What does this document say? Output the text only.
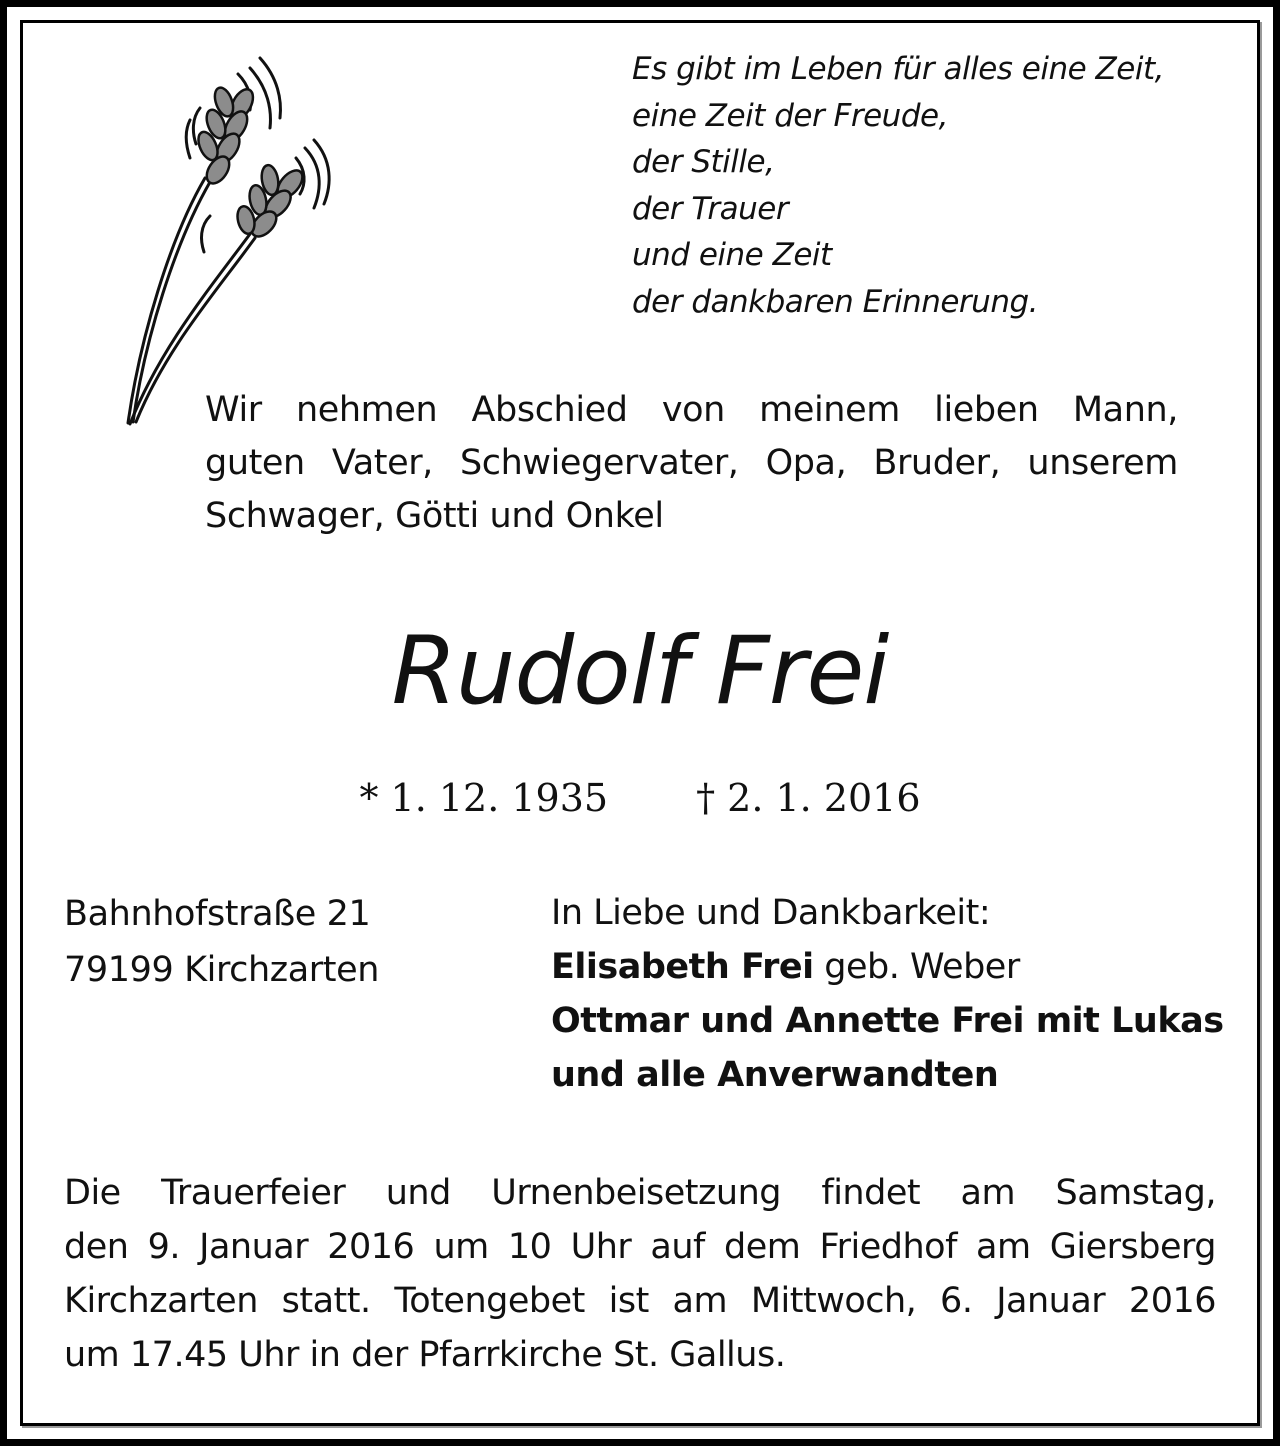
Es gibt im Leben für alles eine Zeit,
eine Zeit der Freude,
der Stille,
der Trauer
und eine Zeit
der dankbaren Erinnerung.
Wir nehmen Abschied von meinem lieben Mann,
guten Vater, Schwiegervater, Opa, Bruder, unserem
Schwager, Götti und Onkel
Rudolf Frei
* 1. 12. 1935 † 2. 1. 2016
Bahnhofstraße 21
79199 Kirchzarten
In Liebe und Dankbarkeit:
Elisabeth Frei geb. Weber
Ottmar und Annette Frei mit Lukas
und alle Anverwandten
Die Trauerfeier und Urnenbeisetzung findet am Samstag,
den 9. Januar 2016 um 10 Uhr auf dem Friedhof am Giersberg
Kirchzarten statt. Totengebet ist am Mittwoch, 6. Januar 2016
um 17.45 Uhr in der Pfarrkirche St. Gallus.
